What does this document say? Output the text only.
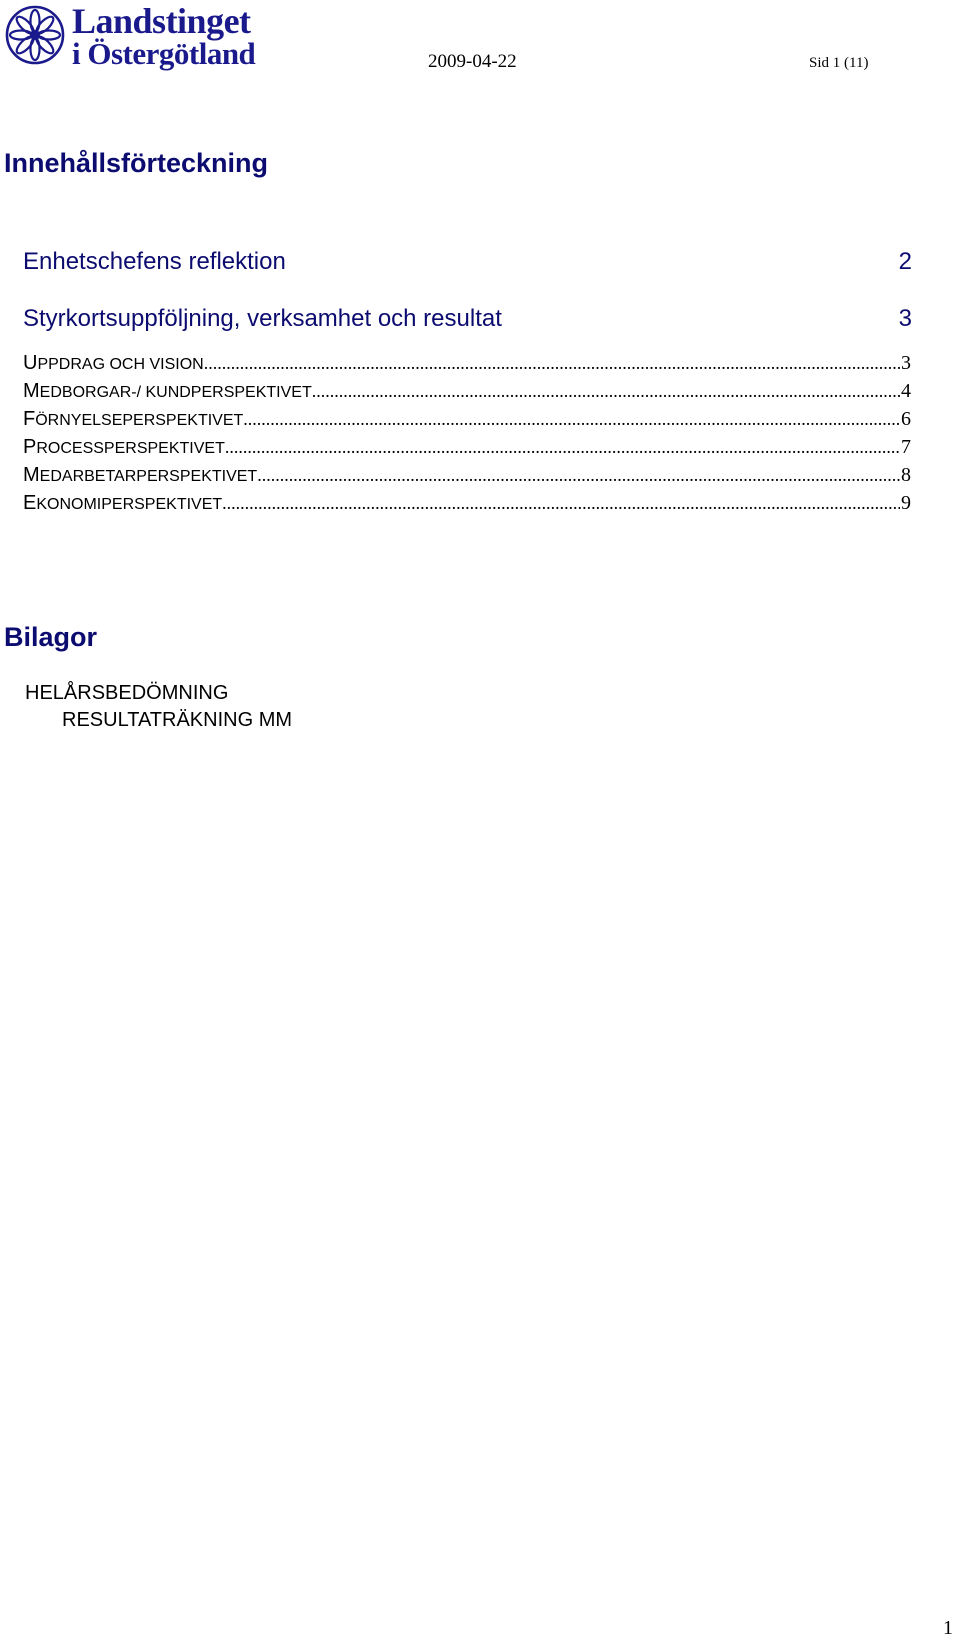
Landstinget
i Östergötland	2009-04-22	Sid 1 (11)
Innehållsförteckning
Enhetschefens reflektion	2
Styrkortsuppföljning, verksamhet och resultat	3
UPPDRAG OCH VISION .....	3
MEDBORGAR-/ KUNDPERSPEKTIVET .....	4
FÖRNYELSEPERSPEKTIVET .....	6
PROCESSPERSPEKTIVET .....	7
MEDARBETARPERSPEKTIVET .....	8
EKONOMIPERSPEKTIVET .....	9
Bilagor
HELÅRSBEDÖMNING
RESULTATRÄKNING MM
1
